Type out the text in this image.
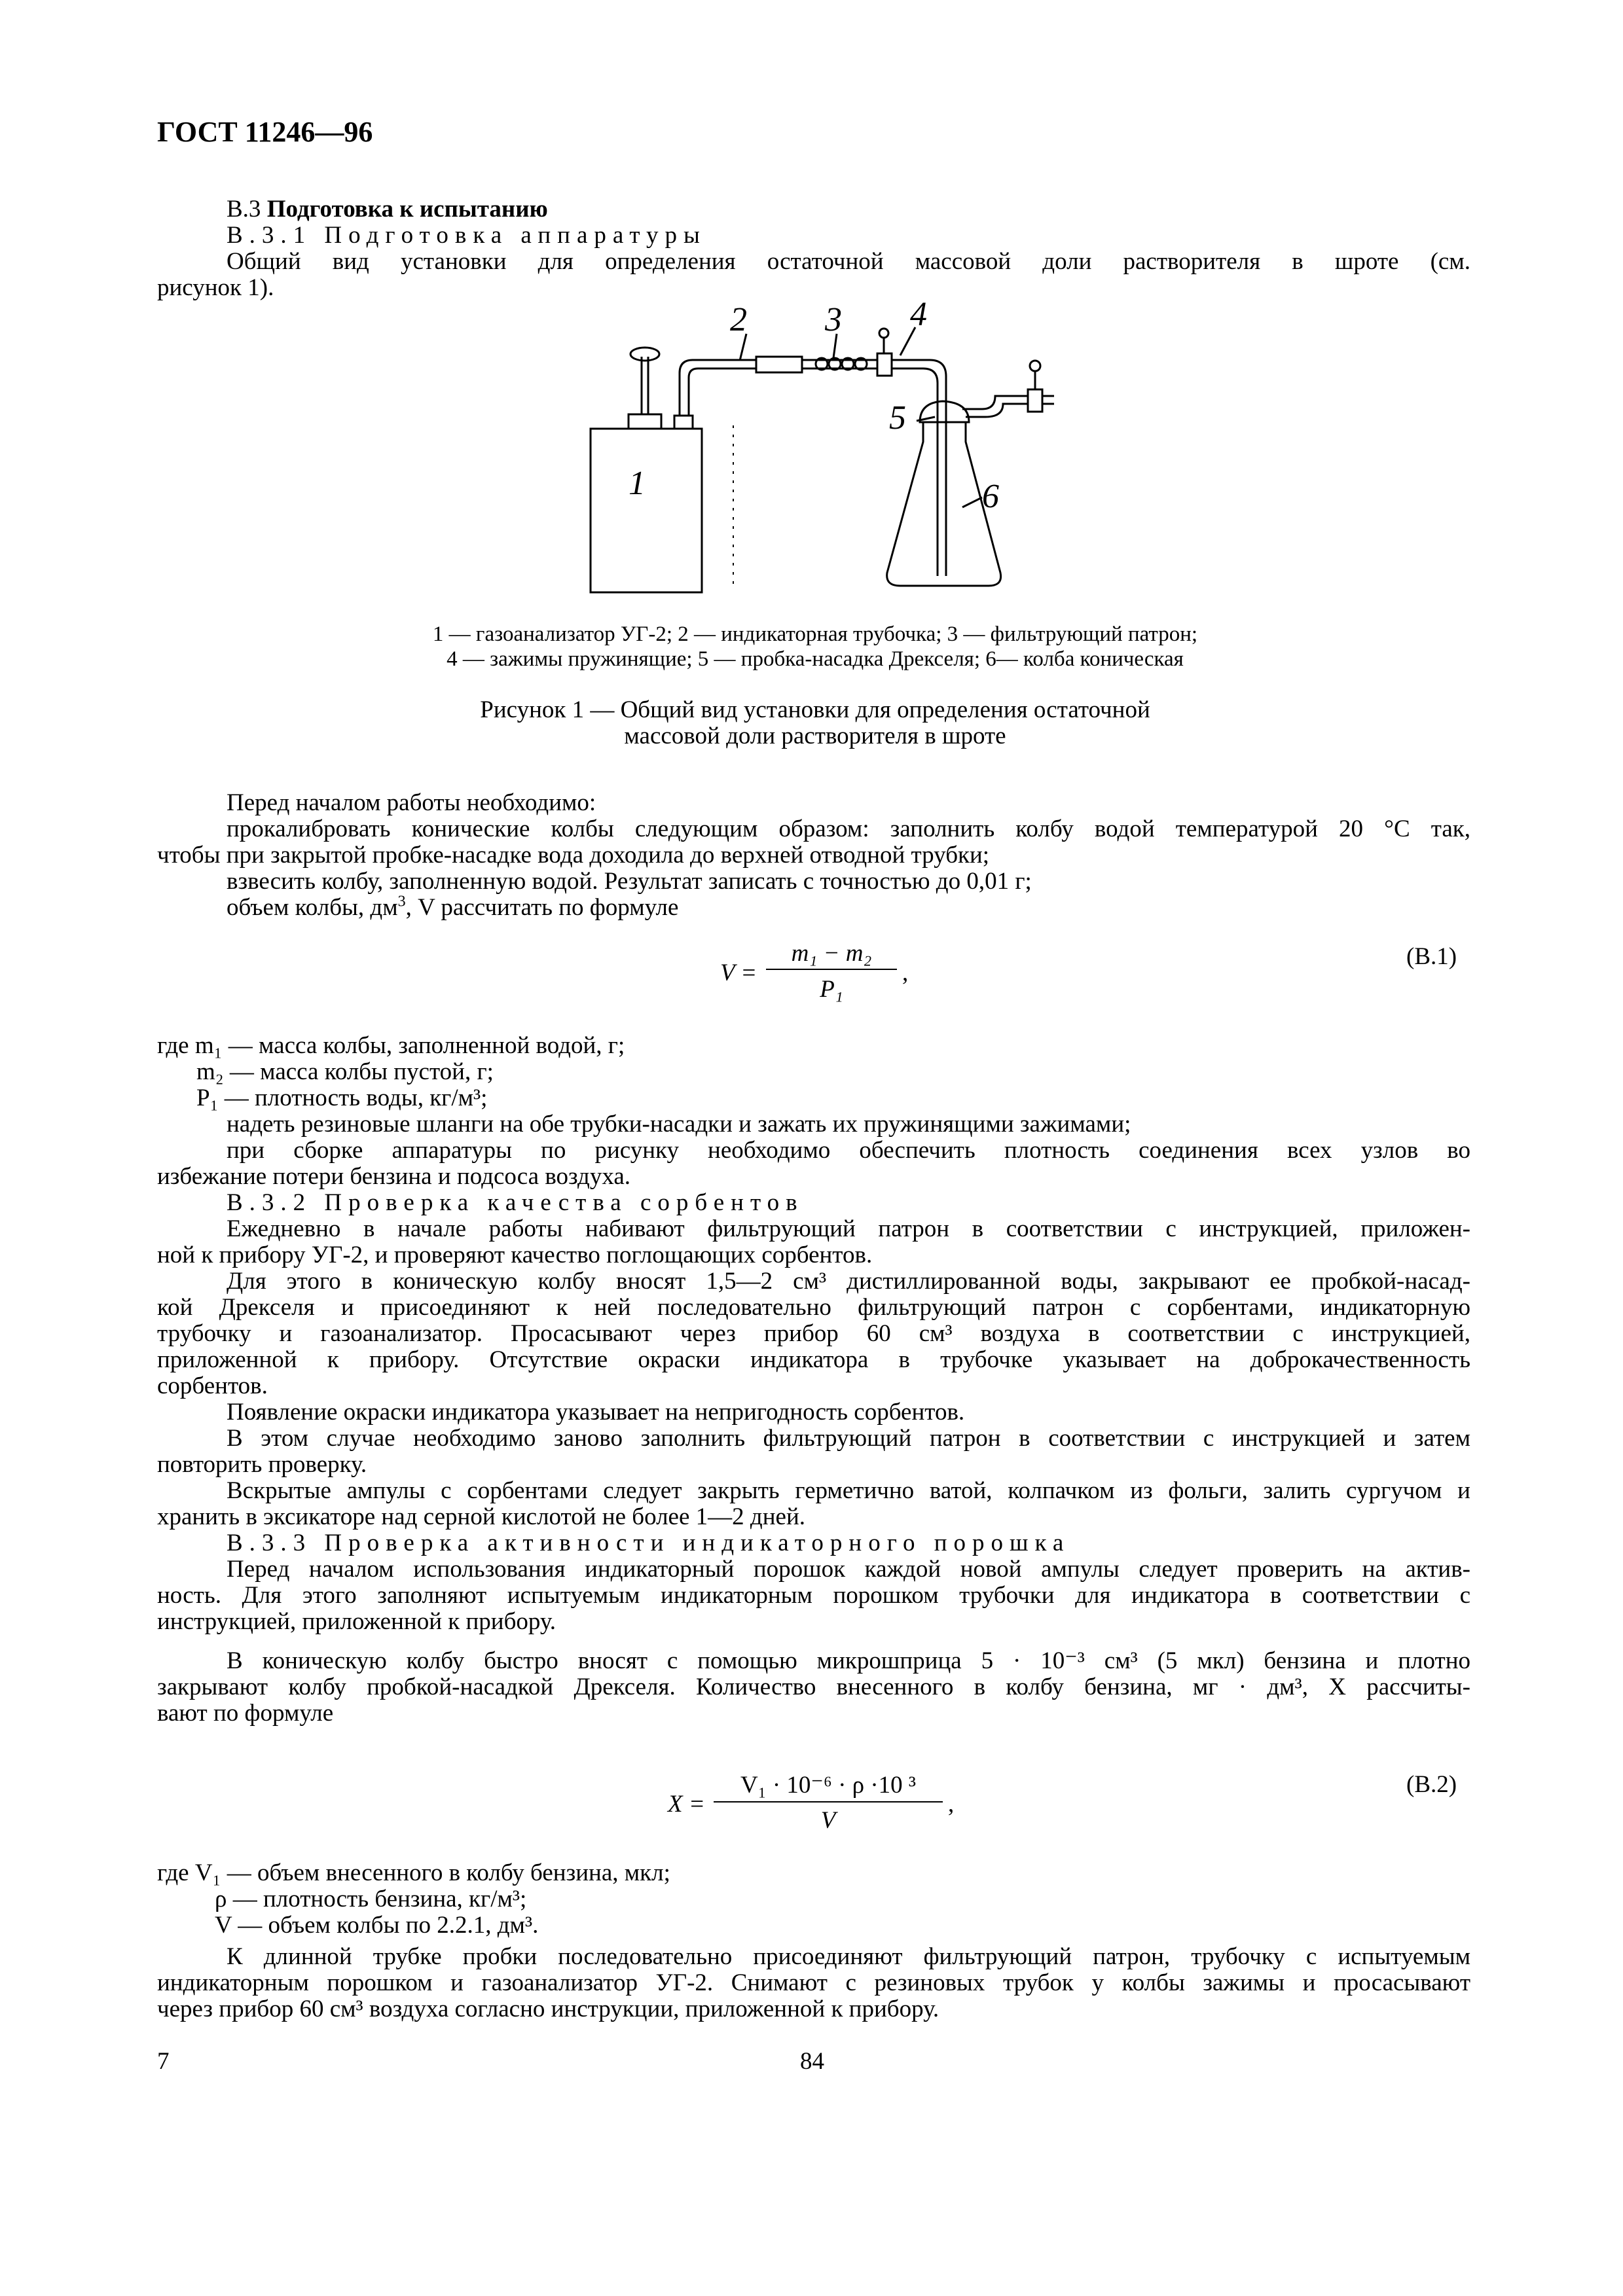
ГОСТ 11246—96
В.3 Подготовка к испытанию
В.3.1 Подготовка аппаратуры
Общий вид установки для определения остаточной массовой доли растворителя в шроте (см.
рисунок 1).
1
2 3 4
5
6
1 — газоанализатор УГ-2; 2 — индикаторная трубочка; 3 — фильтрующий патрон;
4 — зажимы пружинящие; 5 — пробка-насадка Дрекселя; 6— колба коническая
Рисунок 1 — Общий вид установки для определения остаточной
массовой доли растворителя в шроте
Перед началом работы необходимо:
прокалибровать конические колбы следующим образом: заполнить колбу водой температурой 20 °С так,
чтобы при закрытой пробке-насадке вода доходила до верхней отводной трубки;
взвесить колбу, заполненную водой. Результат записать с точностью до 0,01 г;
объем колбы, $дм^3$, V рассчитать по формуле
V =
m₁ − m₂
P₁
,
(В.1)
где m₁ — масса колбы, заполненной водой, г;
m₂ — масса колбы пустой, г;
P₁ — плотность воды, кг/м³;
надеть резиновые шланги на обе трубки-насадки и зажать их пружинящими зажимами;
при сборке аппаратуры по рисунку необходимо обеспечить плотность соединения всех узлов во
избежание потери бензина и подсоса воздуха.
В.3.2 Проверка качества сорбентов
Ежедневно в начале работы набивают фильтрующий патрон в соответствии с инструкцией, приложен-
ной к прибору УГ-2, и проверяют качество поглощающих сорбентов.
Для этого в коническую колбу вносят 1,5—2 см³ дистиллированной воды, закрывают ее пробкой-насад-
кой Дрекселя и присоединяют к ней последовательно фильтрующий патрон с сорбентами, индикаторную
трубочку и газоанализатор. Просасывают через прибор 60 см³ воздуха в соответствии с инструкцией,
приложенной к прибору. Отсутствие окраски индикатора в трубочке указывает на доброкачественность
сорбентов.
Появление окраски индикатора указывает на непригодность сорбентов.
В этом случае необходимо заново заполнить фильтрующий патрон в соответствии с инструкцией и затем
повторить проверку.
Вскрытые ампулы с сорбентами следует закрыть герметично ватой, колпачком из фольги, залить сургучом и
хранить в эксикаторе над серной кислотой не более 1—2 дней.
В.3.3 Проверка активности индикаторного порошка
Перед началом использования индикаторный порошок каждой новой ампулы следует проверить на актив-
ность. Для этого заполняют испытуемым индикаторным порошком трубочки для индикатора в соответствии с
инструкцией, приложенной к прибору.
В коническую колбу быстро вносят с помощью микрошприца 5 · 10⁻³ см³ (5 мкл) бензина и плотно
закрывают колбу пробкой-насадкой Дрекселя. Количество внесенного в колбу бензина, мг · дм³, X рассчиты-
вают по формуле
X =
V₁ · 10⁻⁶ · ρ ·10 ³
V
,
(В.2)
где V₁ — объем внесенного в колбу бензина, мкл;
ρ — плотность бензина, кг/м³;
V — объем колбы по 2.2.1, дм³.
К длинной трубке пробки последовательно присоединяют фильтрующий патрон, трубочку с испытуемым
индикаторным порошком и газоанализатор УГ-2. Снимают с резиновых трубок у колбы зажимы и просасывают
через прибор 60 см³ воздуха согласно инструкции, приложенной к прибору.
7	84
